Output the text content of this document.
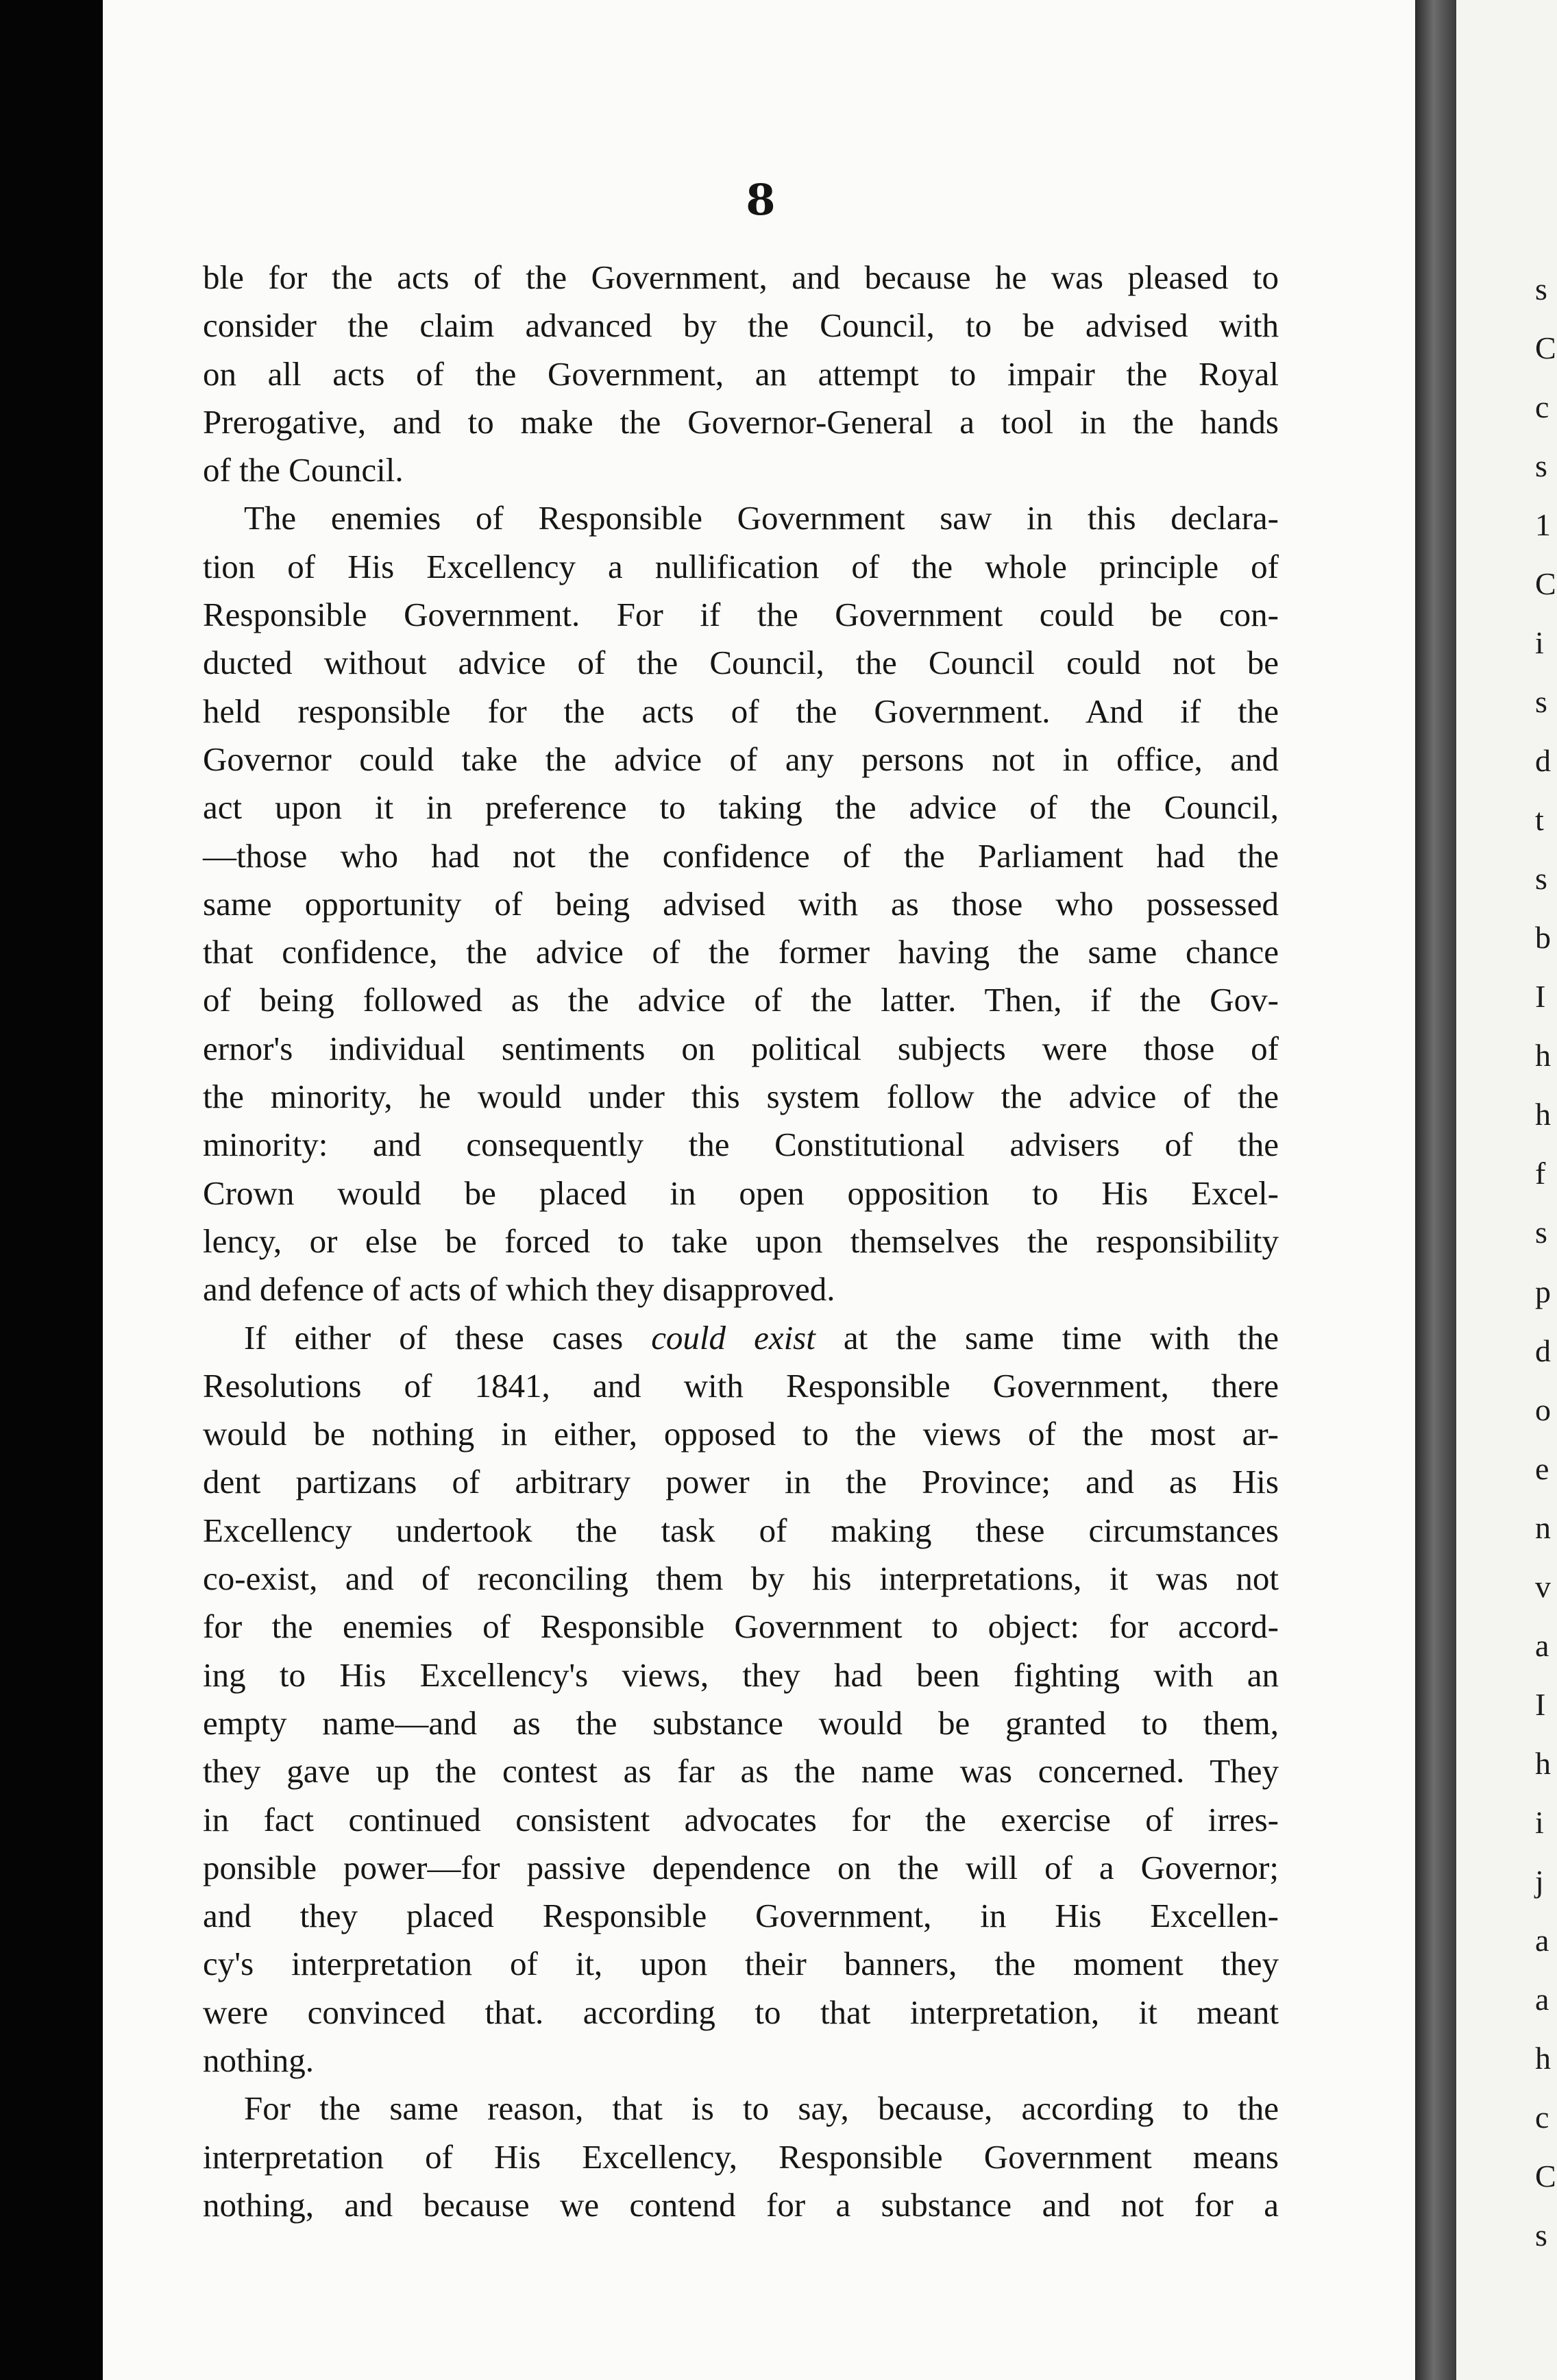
8
ble for the acts of the Government, and because he was pleased to
consider the claim advanced by the Council, to be advised with
on all acts of the Government, an attempt to impair the Royal
Prerogative, and to make the Governor-General a tool in the hands
of the Council.
The enemies of Responsible Government saw in this declara-
tion of His Excellency a nullification of the whole principle of
Responsible Government. For if the Government could be con-
ducted without advice of the Council, the Council could not be
held responsible for the acts of the Government. And if the
Governor could take the advice of any persons not in office, and
act upon it in preference to taking the advice of the Council,
—those who had not the confidence of the Parliament had the
same opportunity of being advised with as those who possessed
that confidence, the advice of the former having the same chance
of being followed as the advice of the latter. Then, if the Gov-
ernor's individual sentiments on political subjects were those of
the minority, he would under this system follow the advice of the
minority: and consequently the Constitutional advisers of the
Crown would be placed in open opposition to His Excel-
lency, or else be forced to take upon themselves the responsibility
and defence of acts of which they disapproved.
If either of these cases could exist at the same time with the
Resolutions of 1841, and with Responsible Government, there
would be nothing in either, opposed to the views of the most ar-
dent partizans of arbitrary power in the Province; and as His
Excellency undertook the task of making these circumstances
co-exist, and of reconciling them by his interpretations, it was not
for the enemies of Responsible Government to object: for accord-
ing to His Excellency's views, they had been fighting with an
empty name—and as the substance would be granted to them,
they gave up the contest as far as the name was concerned. They
in fact continued consistent advocates for the exercise of irres-
ponsible power—for passive dependence on the will of a Governor;
and they placed Responsible Government, in His Excellen-
cy's interpretation of it, upon their banners, the moment they
were convinced that. according to that interpretation, it meant
nothing.
For the same reason, that is to say, because, according to the
interpretation of His Excellency, Responsible Government means
nothing, and because we contend for a substance and not for a
s
C
c
s
1
C
i
s
d
t
s
b
I
h
h
f
s
p
d
o
e
n
v
a
I
h
i
j
a
a
h
c
C
s
